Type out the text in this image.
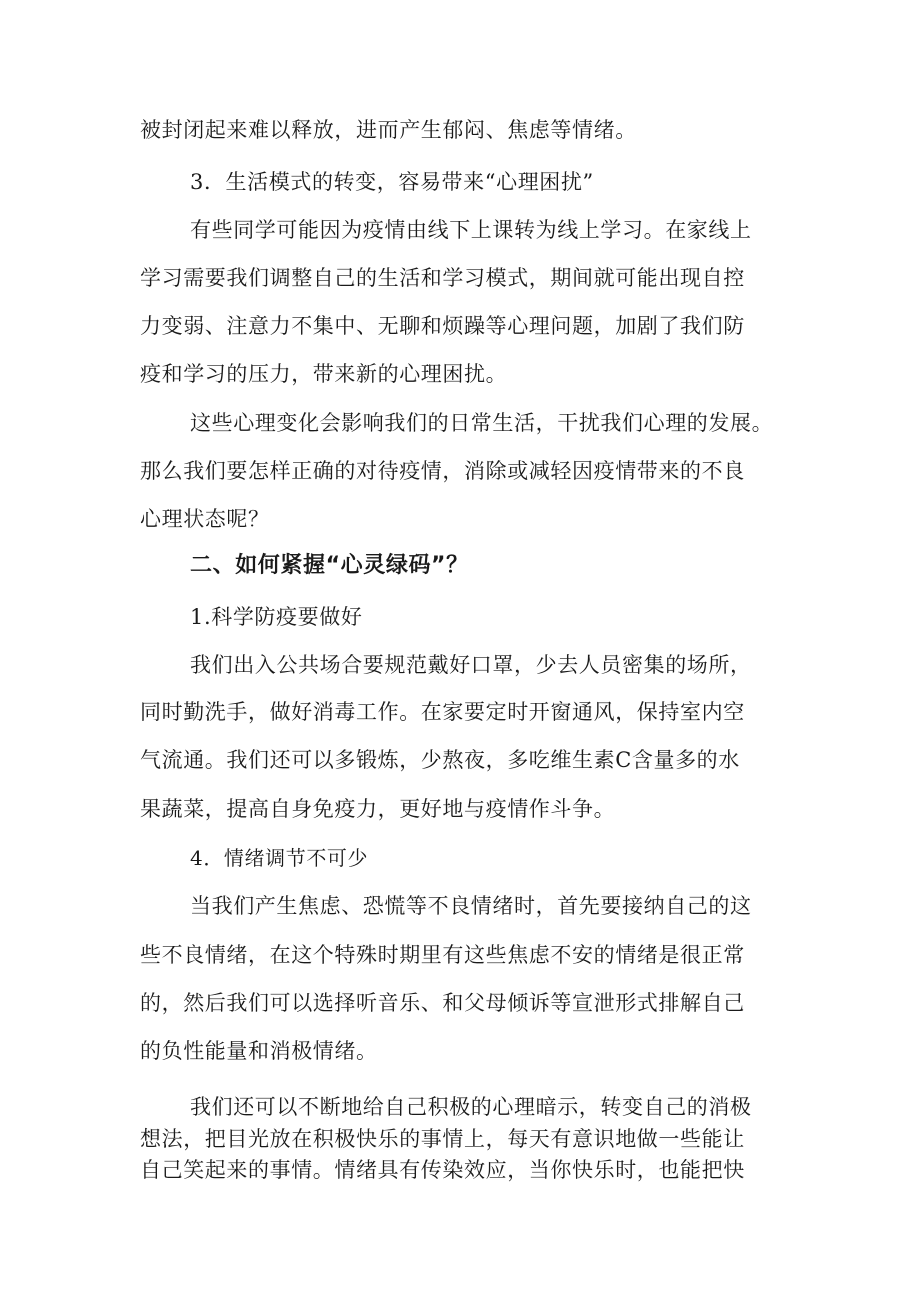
被封闭起来难以释放，进而产生郁闷、焦虑等情绪。
3．生活模式的转变，容易带来“心理困扰”
有些同学可能因为疫情由线下上课转为线上学习。在家线上
学习需要我们调整自己的生活和学习模式，期间就可能出现自控
力变弱、注意力不集中、无聊和烦躁等心理问题，加剧了我们防
疫和学习的压力，带来新的心理困扰。
这些心理变化会影响我们的日常生活，干扰我们心理的发展。
那么我们要怎样正确的对待疫情，消除或减轻因疫情带来的不良
心理状态呢？
二、如何紧握“心灵绿码”？
1.科学防疫要做好
我们出入公共场合要规范戴好口罩，少去人员密集的场所，
同时勤洗手，做好消毒工作。在家要定时开窗通风，保持室内空
气流通。我们还可以多锻炼，少熬夜，多吃维生素C含量多的水
果蔬菜，提高自身免疫力，更好地与疫情作斗争。
4．情绪调节不可少
当我们产生焦虑、恐慌等不良情绪时，首先要接纳自己的这
些不良情绪，在这个特殊时期里有这些焦虑不安的情绪是很正常
的，然后我们可以选择听音乐、和父母倾诉等宣泄形式排解自己
的负性能量和消极情绪。
我们还可以不断地给自己积极的心理暗示，转变自己的消极
想法，把目光放在积极快乐的事情上，每天有意识地做一些能让
自己笑起来的事情。情绪具有传染效应，当你快乐时，也能把快
